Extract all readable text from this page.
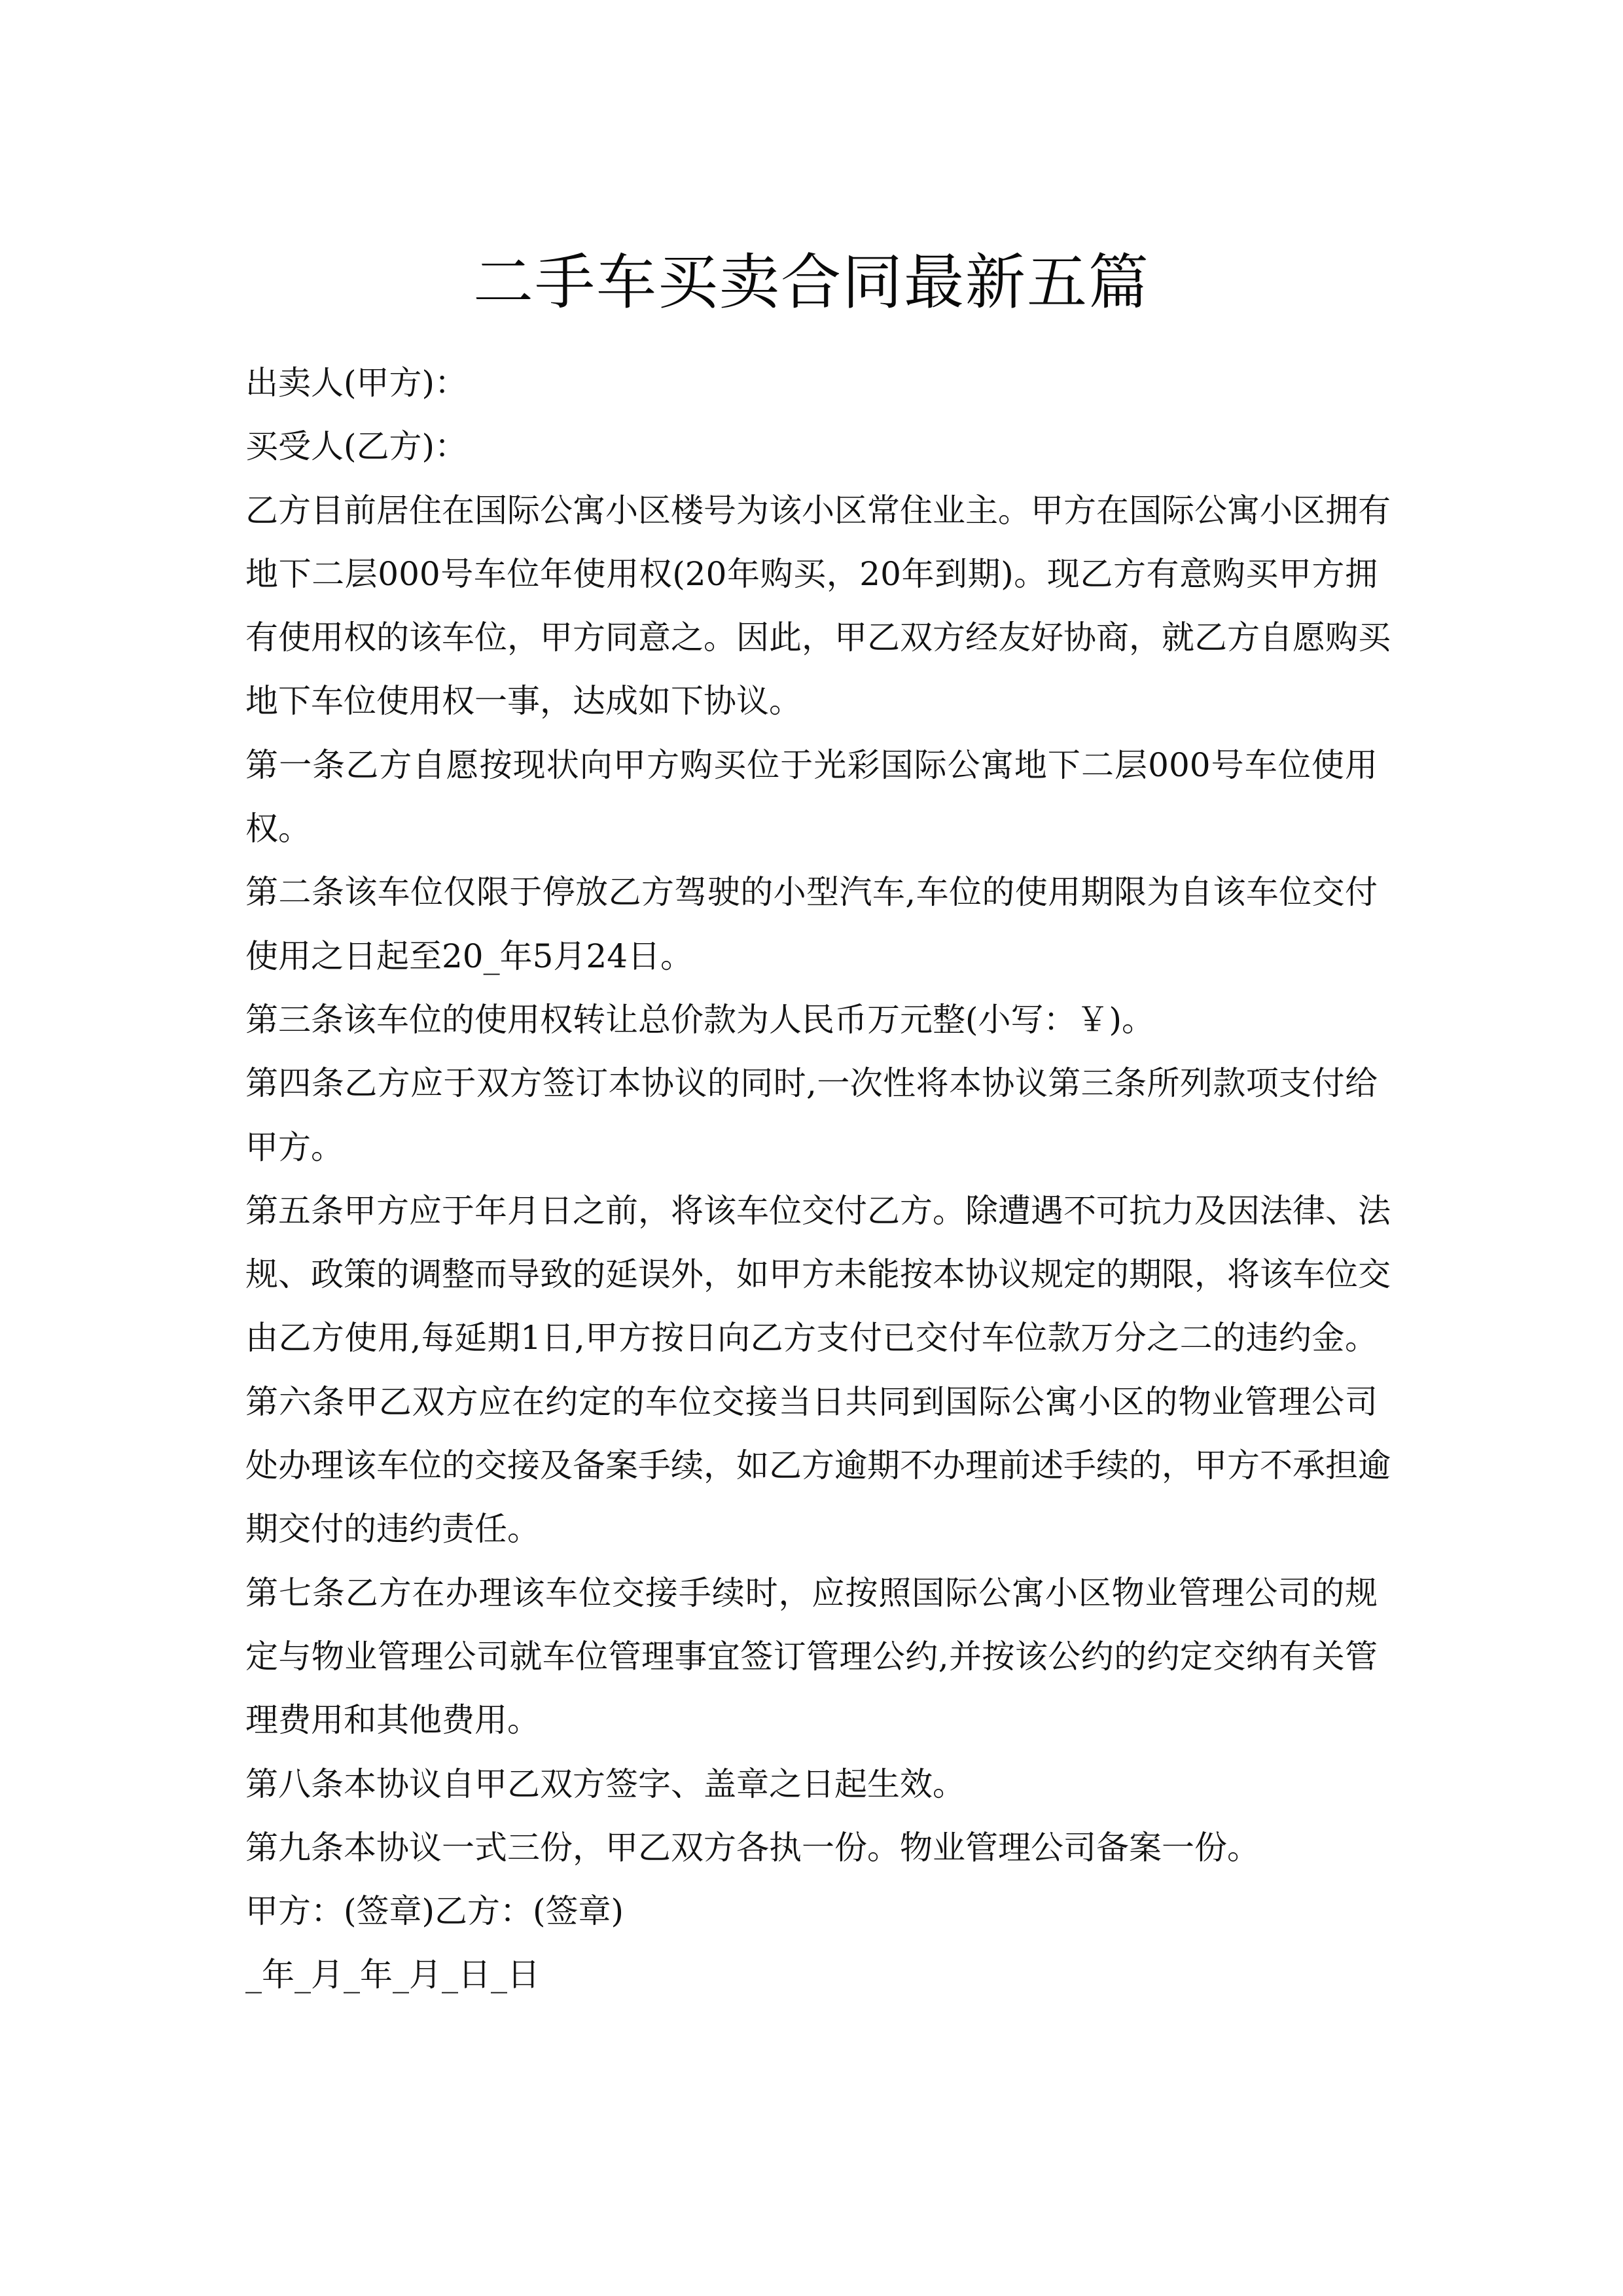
二手车买卖合同最新五篇
出卖人(甲方)：
买受人(乙方)：
乙方目前居住在国际公寓小区楼号为该小区常住业主。甲方在国际公寓小区拥有
地下二层000号车位年使用权(20年购买，20年到期)。现乙方有意购买甲方拥
有使用权的该车位，甲方同意之。因此，甲乙双方经友好协商，就乙方自愿购买
地下车位使用权一事，达成如下协议。
第一条乙方自愿按现状向甲方购买位于光彩国际公寓地下二层000号车位使用
权。
第二条该车位仅限于停放乙方驾驶的小型汽车,车位的使用期限为自该车位交付
使用之日起至20_年5月24日。
第三条该车位的使用权转让总价款为人民币万元整(小写：￥)。
第四条乙方应于双方签订本协议的同时,一次性将本协议第三条所列款项支付给
甲方。
第五条甲方应于年月日之前，将该车位交付乙方。除遭遇不可抗力及因法律、法
规、政策的调整而导致的延误外，如甲方未能按本协议规定的期限，将该车位交
由乙方使用,每延期1日,甲方按日向乙方支付已交付车位款万分之二的违约金。
第六条甲乙双方应在约定的车位交接当日共同到国际公寓小区的物业管理公司
处办理该车位的交接及备案手续，如乙方逾期不办理前述手续的，甲方不承担逾
期交付的违约责任。
第七条乙方在办理该车位交接手续时，应按照国际公寓小区物业管理公司的规
定与物业管理公司就车位管理事宜签订管理公约,并按该公约的约定交纳有关管
理费用和其他费用。
第八条本协议自甲乙双方签字、盖章之日起生效。
第九条本协议一式三份，甲乙双方各执一份。物业管理公司备案一份。
甲方：(签章)乙方：(签章)
_年_月_年_月_日_日
